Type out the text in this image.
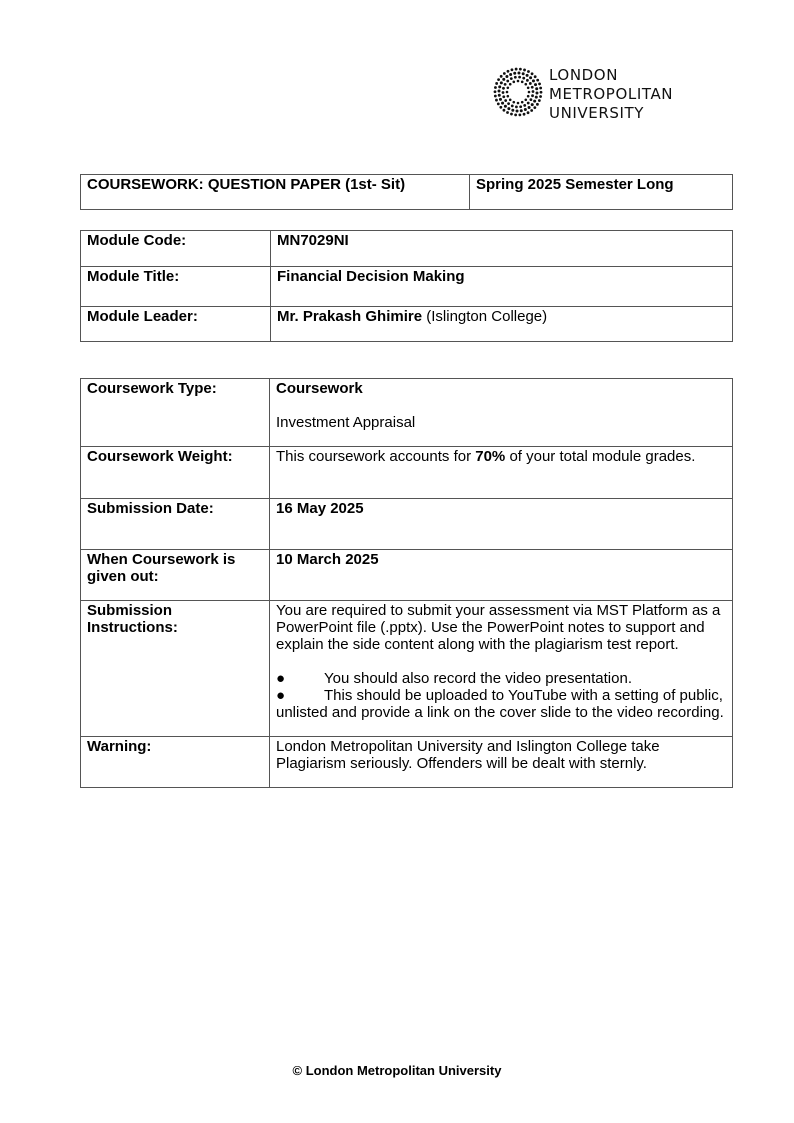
LONDON
METROPOLITAN
UNIVERSITY
COURSEWORK: QUESTION PAPER (1st- Sit)	Spring 2025 Semester Long
Module Code:	MN7029NI
Module Title:	Financial Decision Making
Module Leader:	Mr. Prakash Ghimire (Islington College)
Coursework Type:	Coursework
Investment Appraisal

Coursework Weight:	This coursework accounts for 70% of your total module grades.
Submission Date:	16 May 2025
When Coursework is given out:	10 March 2025
Submission Instructions:	You are required to submit your assessment via MST Platform as a PowerPoint file (.pptx). Use the PowerPoint notes to support and explain the side content along with the plagiarism test report.
● You should also record the video presentation.
● This should be uploaded to YouTube with a setting of public, unlisted and provide a link on the cover slide to the video recording.

Warning:	London Metropolitan University and Islington College take Plagiarism seriously. Offenders will be dealt with sternly.
© London Metropolitan University
